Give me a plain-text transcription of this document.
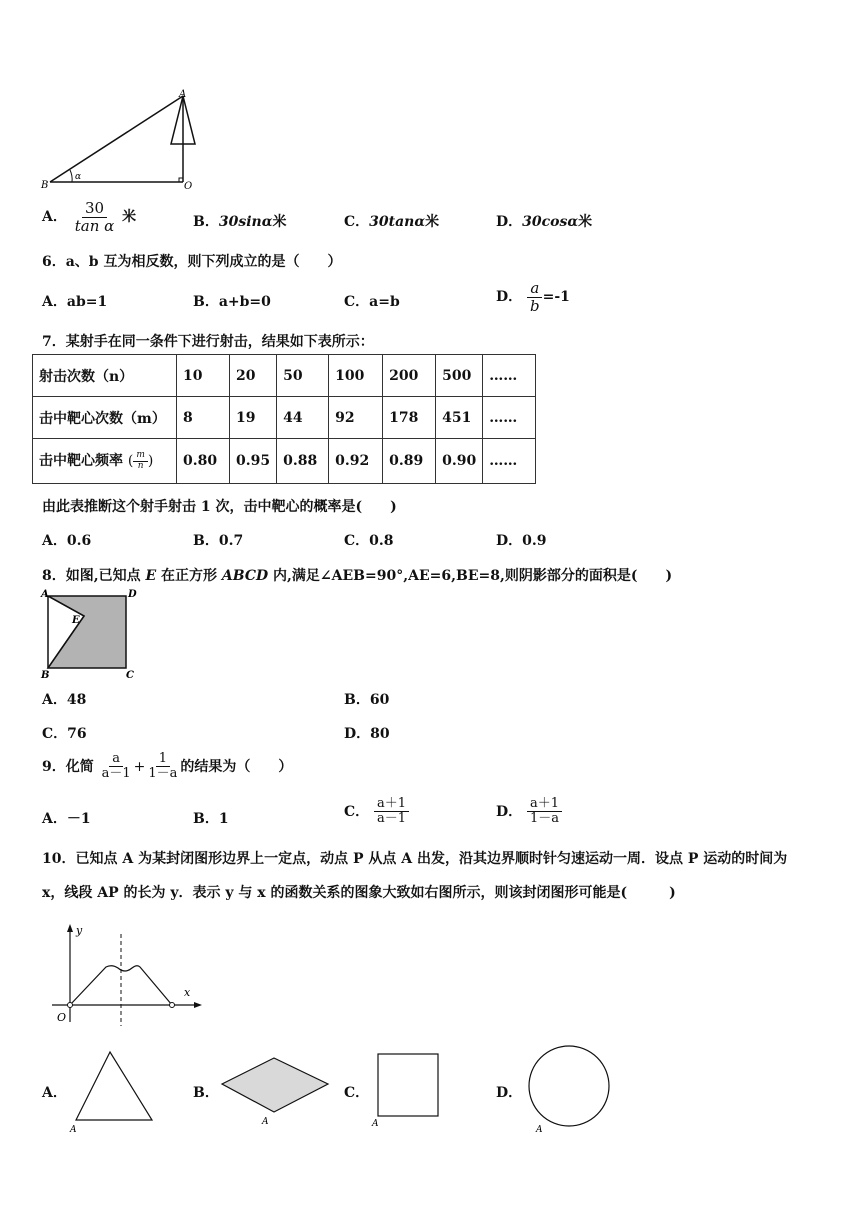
A
B	O
α
A． $\frac{30}{\text{tan α}}$ 米	B．30sinα米	C．30tanα米	D．30cosα米
6．a、b 互为相反数，则下列成立的是（　　）
A．ab=1	B．a+b=0	C．a=b	D． $\frac{a}{b} =-1$
7．某射手在同一条件下进行射击，结果如下表所示：
射击次数（n）	10	20	50	100	200	500	……
击中靶心次数（m）	8	19	44	92	178	451	……
击中靶心频率 ( $\frac{m}{n}$ )	0.80	0.95	0.88	0.92	0.89	0.90	……
由此表推断这个射手射击 1 次，击中靶心的概率是(　　)
A．0.6	B．0.7	C．0.8	D．0.9
8．如图,已知点 E 在正方形 ABCD 内,满足∠AEB=90°,AE=6,BE=8,则阴影部分的面积是(　　)
A	D
B	C
E
A．48	B．60
C．76	D．80
9．化简 $\frac{a}{a-1} + \frac{1}{1-a}$ 的结果为（　　）
A．－1	B．1	C． $\frac{a+1}{a-1}$	D． $\frac{a+1}{1-a}$
10．已知点 A 为某封闭图形边界上一定点，动点 P 从点 A 出发，沿其边界顺时针匀速运动一周．设点 P 运动的时间为
x，线段 AP 的长为 y．表示 y 与 x 的函数关系的图象大致如右图所示，则该封闭图形可能是(　　　)
y
x
O
A．
A
B．
A
C．
A
D．
A
